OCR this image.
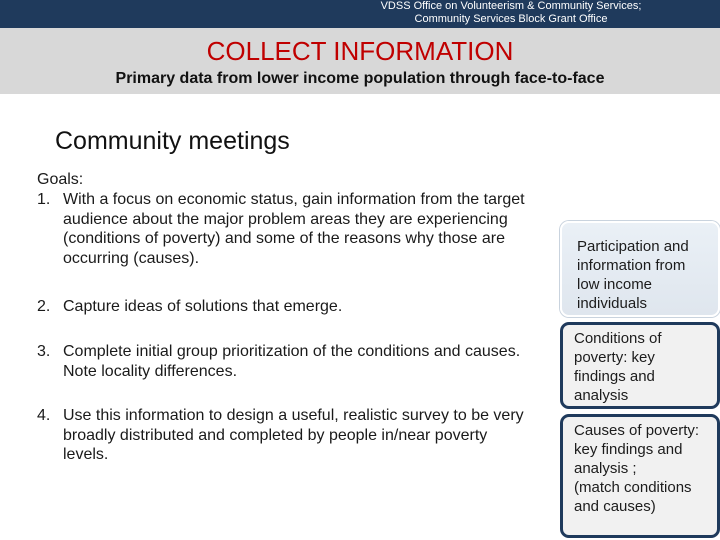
VDSS Office on Volunteerism & Community Services;
Community Services Block Grant Office
COLLECT INFORMATION
Primary data from lower income population through face-to-face
Community meetings
Goals:
1. With a focus on economic status, gain information from the target audience about the major problem areas they are experiencing (conditions of poverty) and some of the reasons why those are occurring (causes).
2. Capture ideas of solutions that emerge.
3. Complete initial group prioritization of the conditions and causes. Note locality differences.
4. Use this information to design a useful, realistic survey to be very broadly distributed and completed by people in/near poverty levels.
Participation and information from low income individuals
Conditions of poverty: key findings and analysis
Causes of poverty: key findings and analysis ;
(match conditions and causes)
